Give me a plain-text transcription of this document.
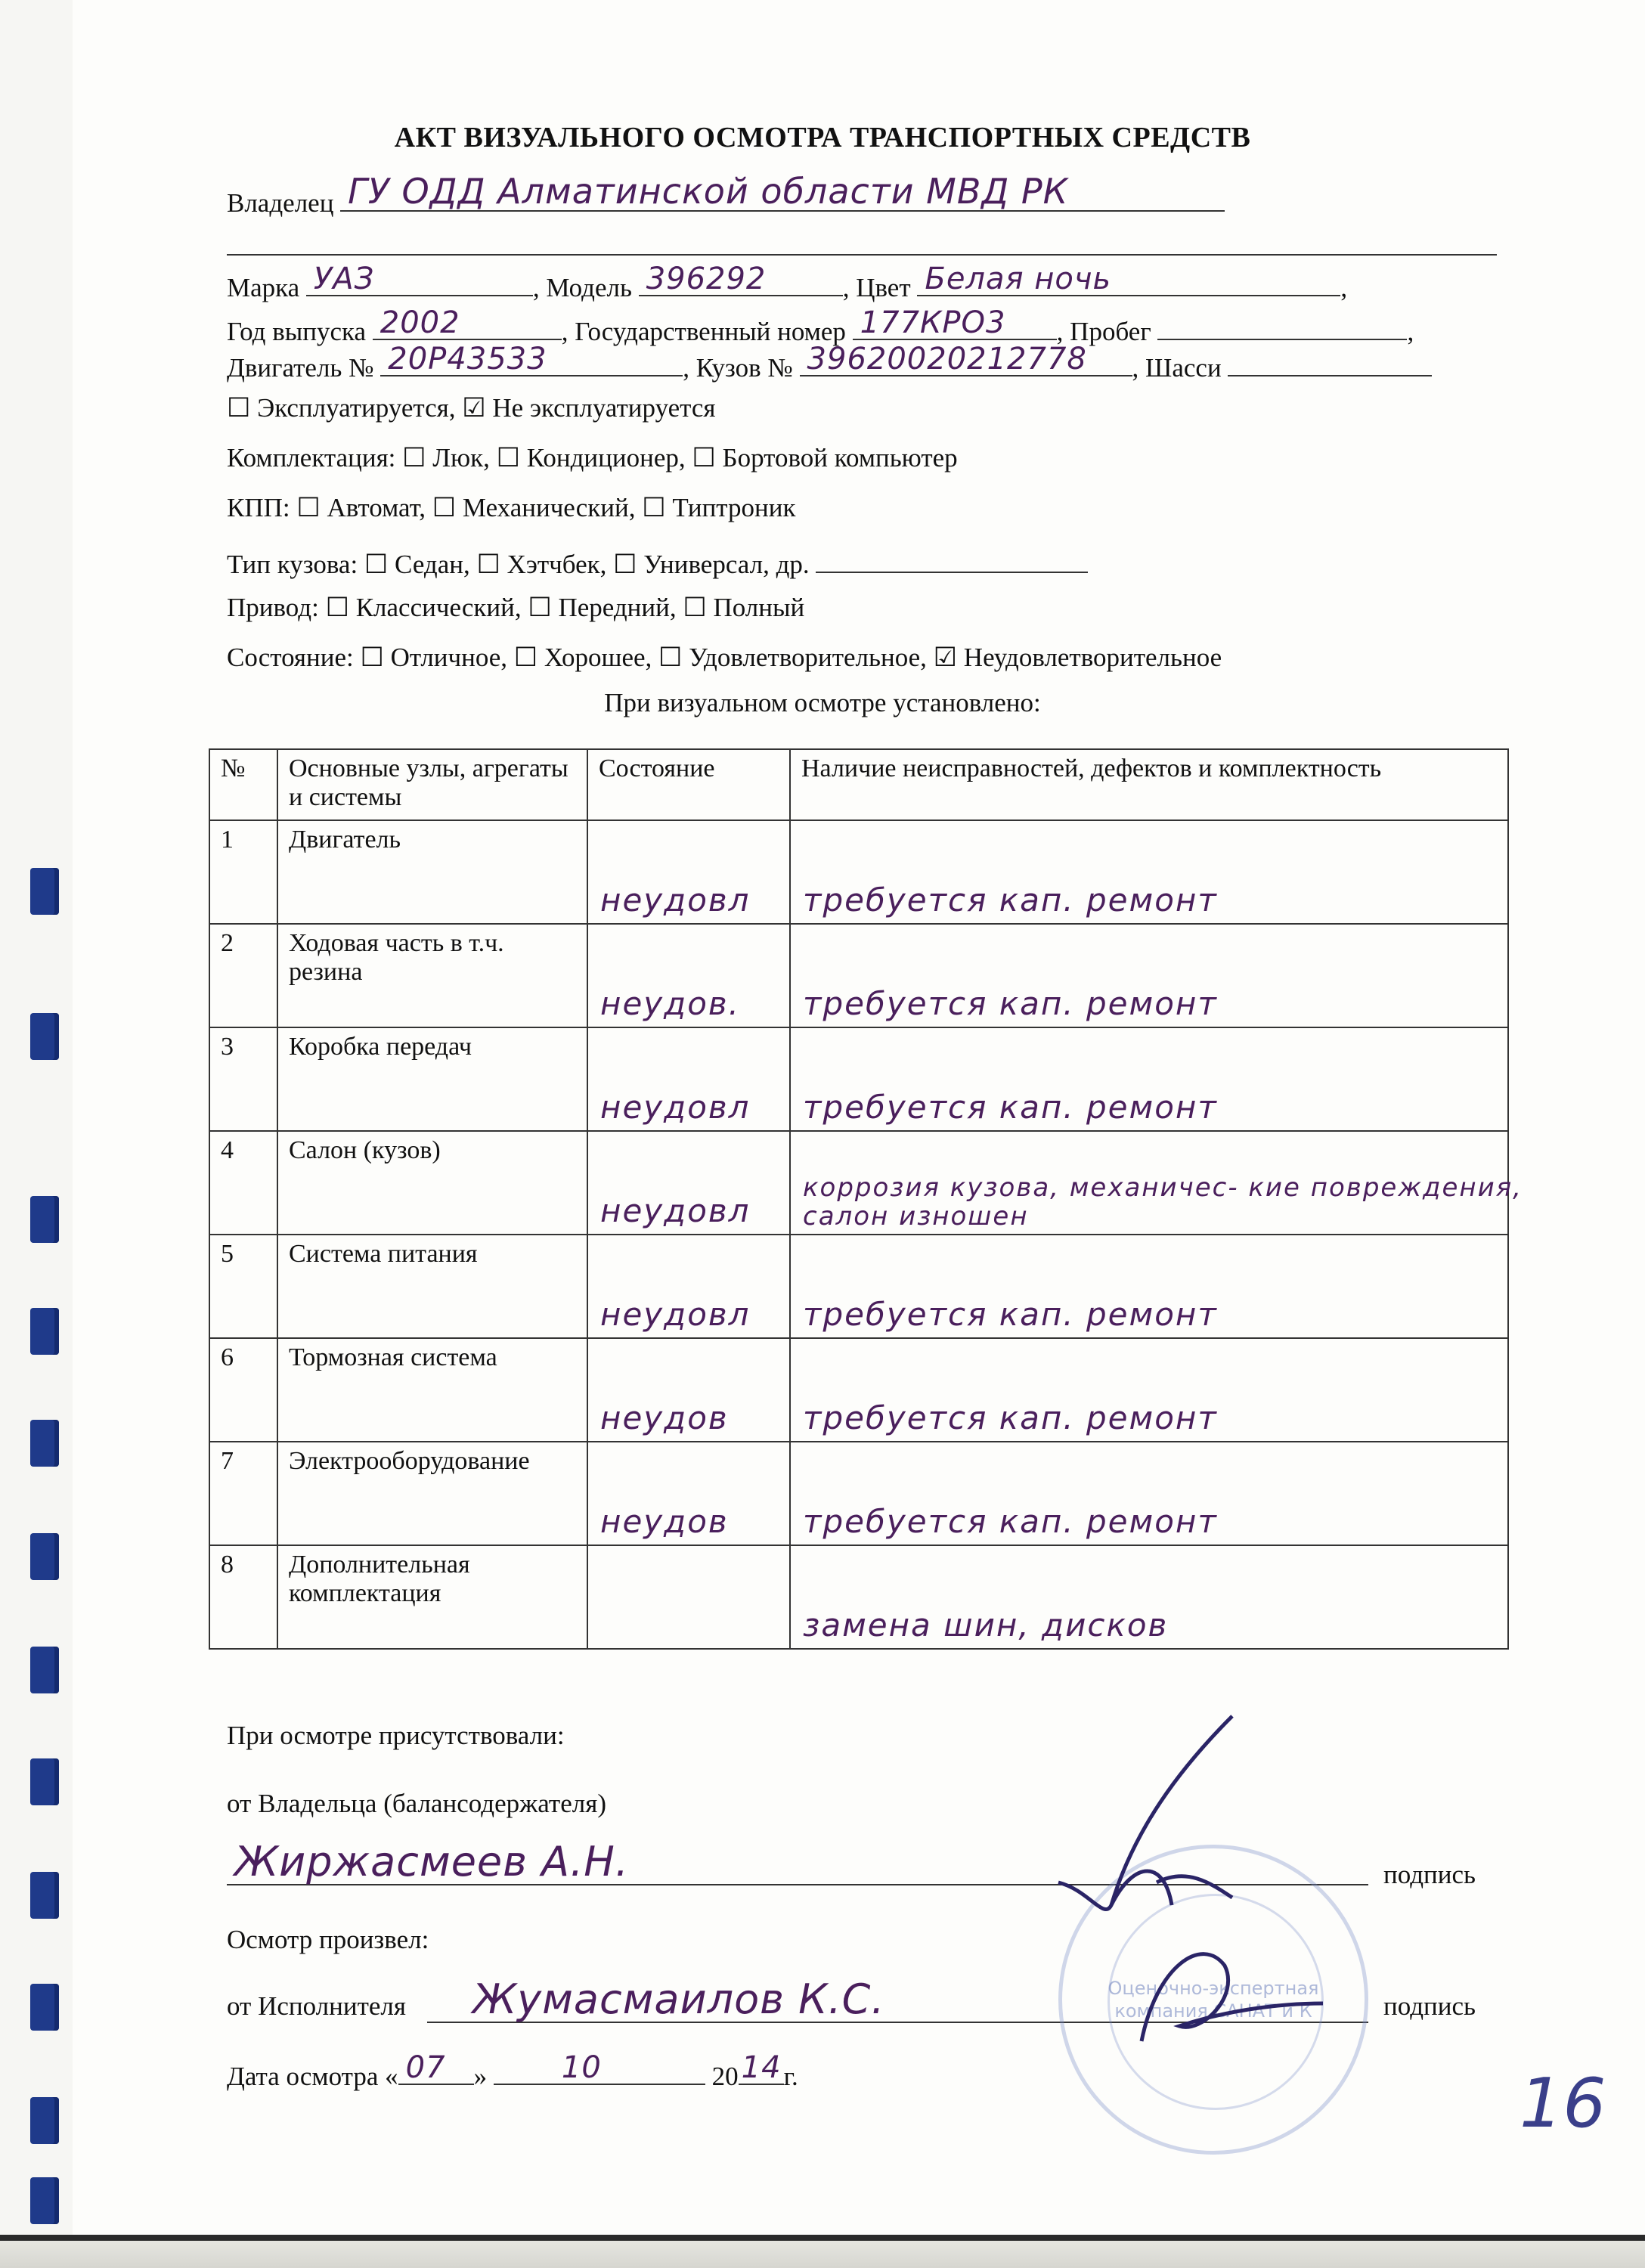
АКТ ВИЗУАЛЬНОГО ОСМОТРА ТРАНСПОРТНЫХ СРЕДСТВ
Владелец ГУ ОДД Алматинской области МВД РК
Марка УАЗ	, Модель 396292	, Цвет Белая ночь	,
Год выпуска 2002	, Государственный номер 177КРО3 , Пробег	,
Двигатель № 20Р43533	, Кузов № 39620020212778 , Шасси
☐ Эксплуатируется, ☑ Не эксплуатируется
Комплектация: ☐ Люк, ☐ Кондиционер, ☐ Бортовой компьютер
КПП: ☐ Автомат, ☐ Механический, ☐ Типтроник
Тип кузова: ☐ Седан, ☐ Хэтчбек, ☐ Универсал, др.
Привод: ☐ Классический, ☐ Передний, ☐ Полный
Состояние: ☐ Отличное, ☐ Хорошее, ☐ Удовлетворительное, ☑ Неудовлетворительное
При визуальном осмотре установлено:
№	Основные узлы, агрегаты и системы	Состояние	Наличие неисправностей, дефектов и комплектность
1	Двигатель	неудовл	требуется кап. ремонт

2	Ходовая часть в т.ч. резина	неудов.	требуется кап. ремонт

3	Коробка передач	неудовл	требуется кап. ремонт

4	Салон (кузов)	неудовл	коррозия кузова, механичес- кие повреждения, салон изношен

5	Система питания	неудовл	требуется кап. ремонт

6	Тормозная система	неудов	требуется кап. ремонт

7	Электрооборудование	неудов	требуется кап. ремонт

8	Дополнительная комплектация		замена шин, дисков
При осмотре присутствовали:
от Владельца (балансодержателя)
Жиржасмеев А.Н.	подпись
Осмотр произвел:
от Исполнителя Жумасмаилов К.С.	подпись
Дата осмотра « 07 » 10	20 14 г.
Оценочно-экспертная компания САНАТ и К
16
